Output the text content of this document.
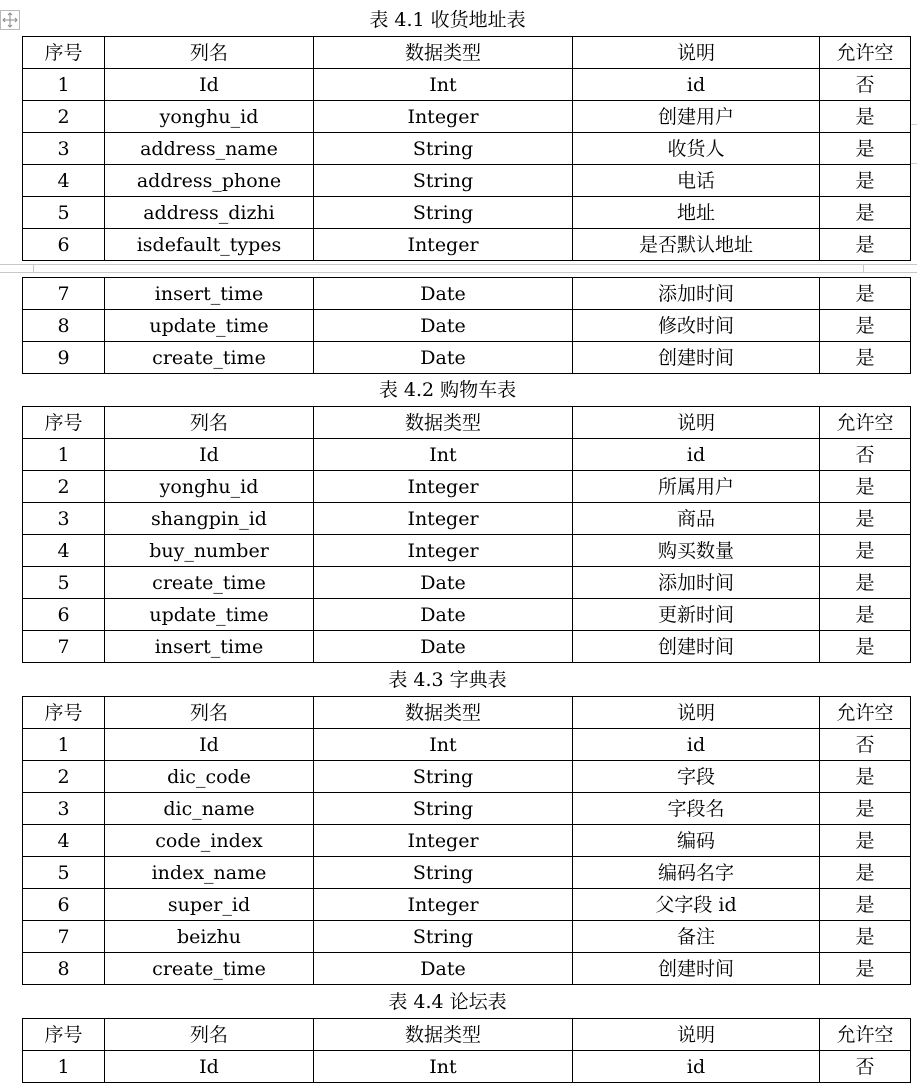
表 4.1 收货地址表
序号	列名	数据类型	说明	允许空
1	Id	Int	id	否
2	yonghu_id	Integer	创建用户	是
3	address_name	String	收货人	是
4	address_phone	String	电话	是
5	address_dizhi	String	地址	是
6	isdefault_types	Integer	是否默认地址	是
7	insert_time	Date	添加时间	是
8	update_time	Date	修改时间	是
9	create_time	Date	创建时间	是
表 4.2 购物车表
序号	列名	数据类型	说明	允许空
1	Id	Int	id	否
2	yonghu_id	Integer	所属用户	是
3	shangpin_id	Integer	商品	是
4	buy_number	Integer	购买数量	是
5	create_time	Date	添加时间	是
6	update_time	Date	更新时间	是
7	insert_time	Date	创建时间	是
表 4.3 字典表
序号	列名	数据类型	说明	允许空
1	Id	Int	id	否
2	dic_code	String	字段	是
3	dic_name	String	字段名	是
4	code_index	Integer	编码	是
5	index_name	String	编码名字	是
6	super_id	Integer	父字段 id	是
7	beizhu	String	备注	是
8	create_time	Date	创建时间	是
表 4.4 论坛表
序号	列名	数据类型	说明	允许空
1	Id	Int	id	否
